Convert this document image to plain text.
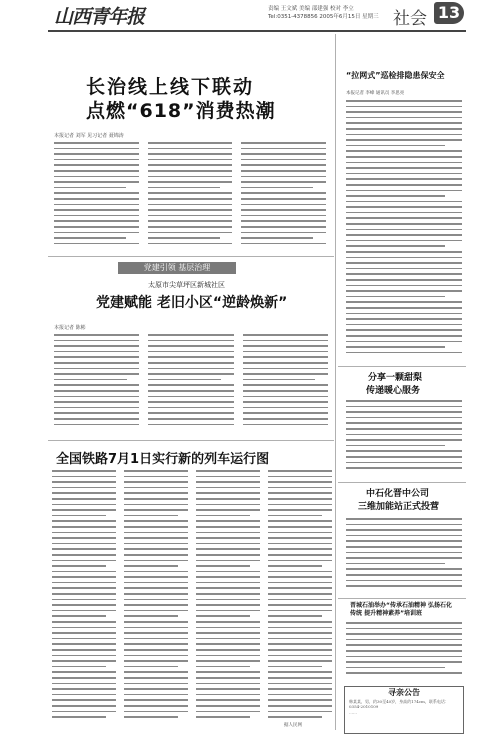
山西青年报	责编 王文斌 美编 邵建强 校对 李立
Tel:0351-4378856 2005年6月15日 星期三 社会 13
长治线上线下联动
点燃“618”消费热潮
本报记者 刘军 见习记者 聂锦涛
“拉网式”巡检排隐患保安全
本报记者 李峰 通讯员 李思亮
党建引领 基层治理
太原市尖草坪区新城社区
党建赋能 老旧小区“逆龄焕新”
本报记者 陈彬
分享一颗甜梨
传递暖心服务
全国铁路7月1日实行新的列车运行图
据人民网
中石化晋中公司
三维加能站正式投营
晋城石油举办“传承石油精神 弘扬石化传统 提升精神素养”培训班
寻亲公告
韩某某，男，约30至40岁，身高约174cm，联系电话：0354-2010109
……
